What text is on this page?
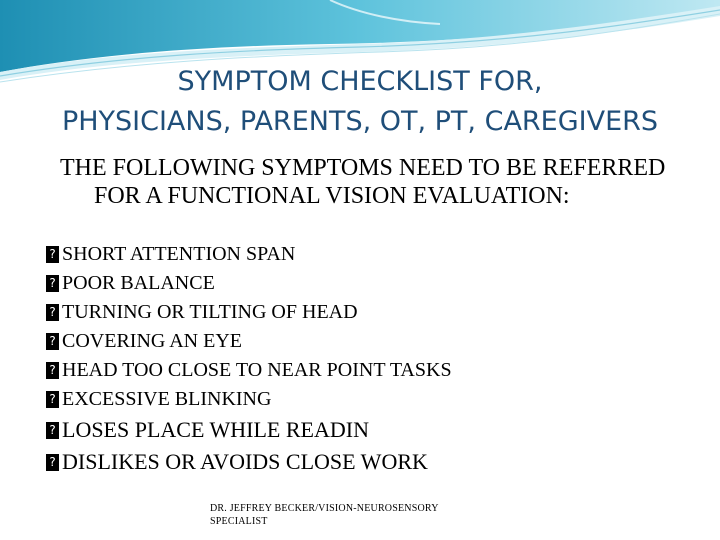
SYMPTOM CHECKLIST FOR,
PHYSICIANS, PARENTS, OT, PT, CAREGIVERS
THE FOLLOWING SYMPTOMS NEED TO BE REFERRED
FOR A FUNCTIONAL VISION EVALUATION:
? SHORT ATTENTION SPAN
? POOR BALANCE
? TURNING OR TILTING OF HEAD
? COVERING AN EYE
? HEAD TOO CLOSE TO NEAR POINT TASKS
? EXCESSIVE BLINKING
? LOSES PLACE WHILE READIN
? DISLIKES OR AVOIDS CLOSE WORK
DR. JEFFREY BECKER/VISION-NEUROSENSORY
SPECIALIST
